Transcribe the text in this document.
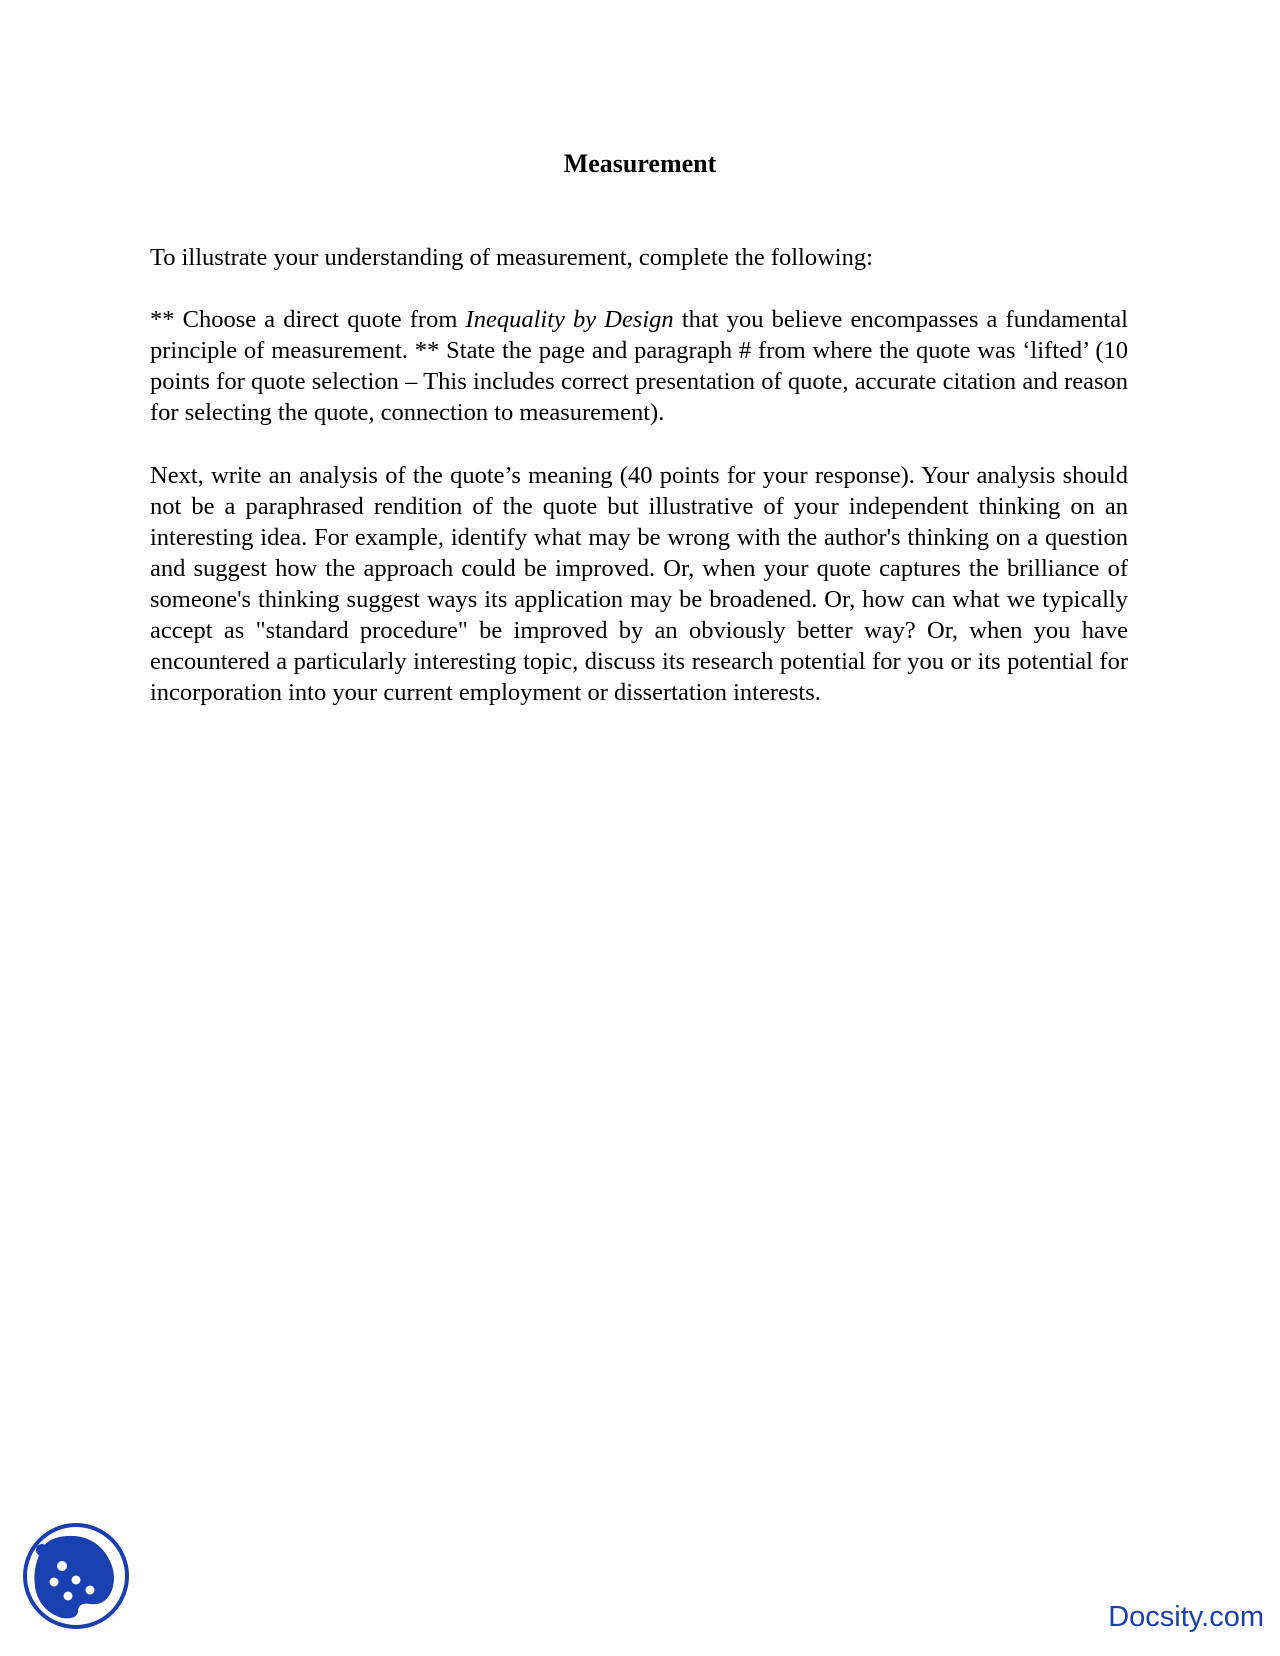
Measurement
To illustrate your understanding of measurement, complete the following:
** Choose a direct quote from Inequality by Design that you believe encompasses a fundamental principle of measurement. ** State the page and paragraph # from where the quote was ‘lifted’ (10 points for quote selection – This includes correct presentation of quote, accurate citation and reason for selecting the quote, connection to measurement).
Next, write an analysis of the quote’s meaning (40 points for your response). Your analysis should not be a paraphrased rendition of the quote but illustrative of your independent thinking on an interesting idea. For example, identify what may be wrong with the author's thinking on a question and suggest how the approach could be improved. Or, when your quote captures the brilliance of someone's thinking suggest ways its application may be broadened. Or, how can what we typically accept as "standard procedure" be improved by an obviously better way? Or, when you have encountered a particularly interesting topic, discuss its research potential for you or its potential for incorporation into your current employment or dissertation interests.
Docsity.com
